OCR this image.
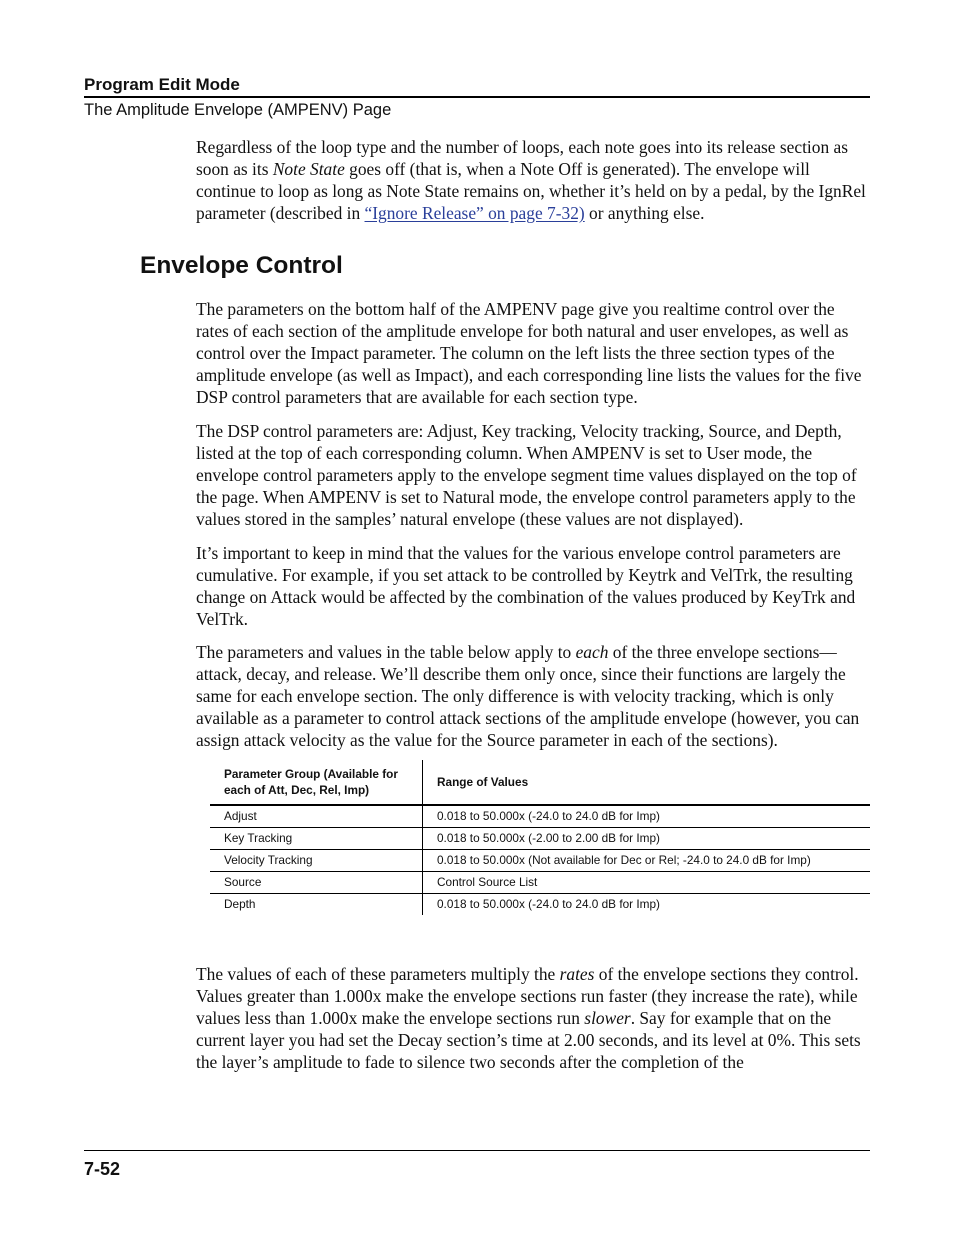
Program Edit Mode
The Amplitude Envelope (AMPENV) Page

Regardless of the loop type and the number of loops, each note goes into its release section as soon as its Note State goes off (that is, when a Note Off is generated). The envelope will continue to loop as long as Note State remains on, whether it’s held on by a pedal, by the IgnRel parameter (described in “Ignore Release” on page 7-32) or anything else.

Envelope Control

The parameters on the bottom half of the AMPENV page give you realtime control over the rates of each section of the amplitude envelope for both natural and user envelopes, as well as control over the Impact parameter. The column on the left lists the three section types of the amplitude envelope (as well as Impact), and each corresponding line lists the values for the five DSP control parameters that are available for each section type.

The DSP control parameters are: Adjust, Key tracking, Velocity tracking, Source, and Depth, listed at the top of each corresponding column. When AMPENV is set to User mode, the envelope control parameters apply to the envelope segment time values displayed on the top of the page. When AMPENV is set to Natural mode, the envelope control parameters apply to the values stored in the samples’ natural envelope (these values are not displayed).

It’s important to keep in mind that the values for the various envelope control parameters are cumulative. For example, if you set attack to be controlled by Keytrk and VelTrk, the resulting change on Attack would be affected by the combination of the values produced by KeyTrk and VelTrk.

The parameters and values in the table below apply to each of the three envelope sections—attack, decay, and release. We’ll describe them only once, since their functions are largely the same for each envelope section. The only difference is with velocity tracking, which is only available as a parameter to control attack sections of the amplitude envelope (however, you can assign attack velocity as the value for the Source parameter in each of the sections).

Parameter Group (Available for each of Att, Dec, Rel, Imp)	Range of Values
Adjust	0.018 to 50.000x (-24.0 to 24.0 dB for Imp)
Key Tracking	0.018 to 50.000x (-2.00 to 2.00 dB for Imp)
Velocity Tracking	0.018 to 50.000x (Not available for Dec or Rel; -24.0 to 24.0 dB for Imp)
Source	Control Source List
Depth	0.018 to 50.000x (-24.0 to 24.0 dB for Imp)

The values of each of these parameters multiply the rates of the envelope sections they control. Values greater than 1.000x make the envelope sections run faster (they increase the rate), while values less than 1.000x make the envelope sections run slower. Say for example that on the current layer you had set the Decay section’s time at 2.00 seconds, and its level at 0%. This sets the layer’s amplitude to fade to silence two seconds after the completion of the

7-52
